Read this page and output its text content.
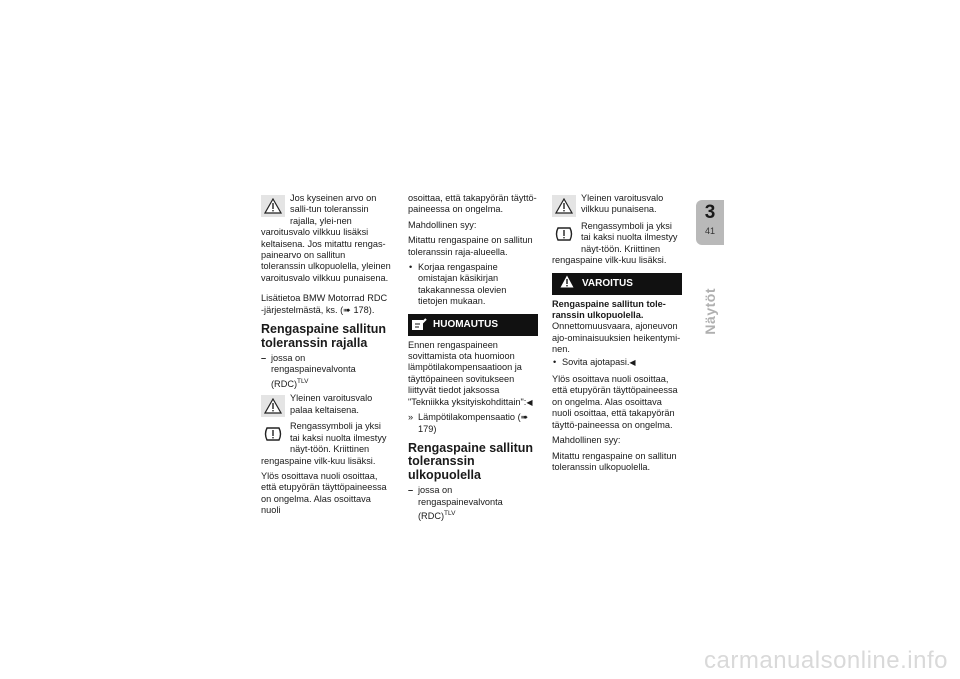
Jos kyseinen arvo on salli-tun toleranssin rajalla, ylei-nen varoitusvalo vilkkuu lisäksi keltaisena. Jos mitattu rengas-painearvo on sallitun toleranssin ulkopuolella, yleinen varoitusvalo vilkkuu punaisena.

Lisätietoa BMW Motorrad RDC -järjestelmästä, ks. (➠ 178).

Rengaspaine sallitun toleranssin rajalla
– jossa on rengaspainevalvonta (RDC)$^{TLV}$

Yleinen varoitusvalo palaa keltaisena.

Rengassymboli ja yksi tai kaksi nuolta ilmestyy näyt-töön. Kriittinen rengaspaine vilk-kuu lisäksi.

Ylös osoittava nuoli osoittaa, että etupyörän täyttöpaineessa on ongelma. Alas osoittava nuoli

osoittaa, että takapyörän täyttö-paineessa on ongelma.

Mahdollinen syy:

Mitattu rengaspaine on sallitun toleranssin raja-alueella.

• Korjaa rengaspaine omistajan käsikirjan takakannessa olevien tietojen mukaan.
HUOMAUTUS

Ennen rengaspaineen sovittamista ota huomioon lämpötilakompensaatioon ja täyttöpaineen sovitukseen liittyvät tiedot jaksossa "Tekniikka yksityiskohdittain":◀

» Lämpötilakompensaatio (➠ 179)
Rengaspaine sallitun toleranssin ulkopuolella
– jossa on rengaspainevalvonta (RDC)$^{TLV}$

Yleinen varoitusvalo vilkkuu punaisena.

Rengassymboli ja yksi tai kaksi nuolta ilmestyy näyt-töön. Kriittinen rengaspaine vilk-kuu lisäksi.

VAROITUS

Rengaspaine sallitun tole-ranssin ulkopuolella.

Onnettomuusvaara, ajoneuvon ajo-ominaisuuksien heikentymi-nen.

• Sovita ajotapasi.◀

Ylös osoittava nuoli osoittaa, että etupyörän täyttöpaineessa on ongelma. Alas osoittava nuoli osoittaa, että takapyörän täyttö-paineessa on ongelma.

Mahdollinen syy:

Mitattu rengaspaine on sallitun toleranssin ulkopuolella.

3
41
Näytöt
carmanualsonline.info
